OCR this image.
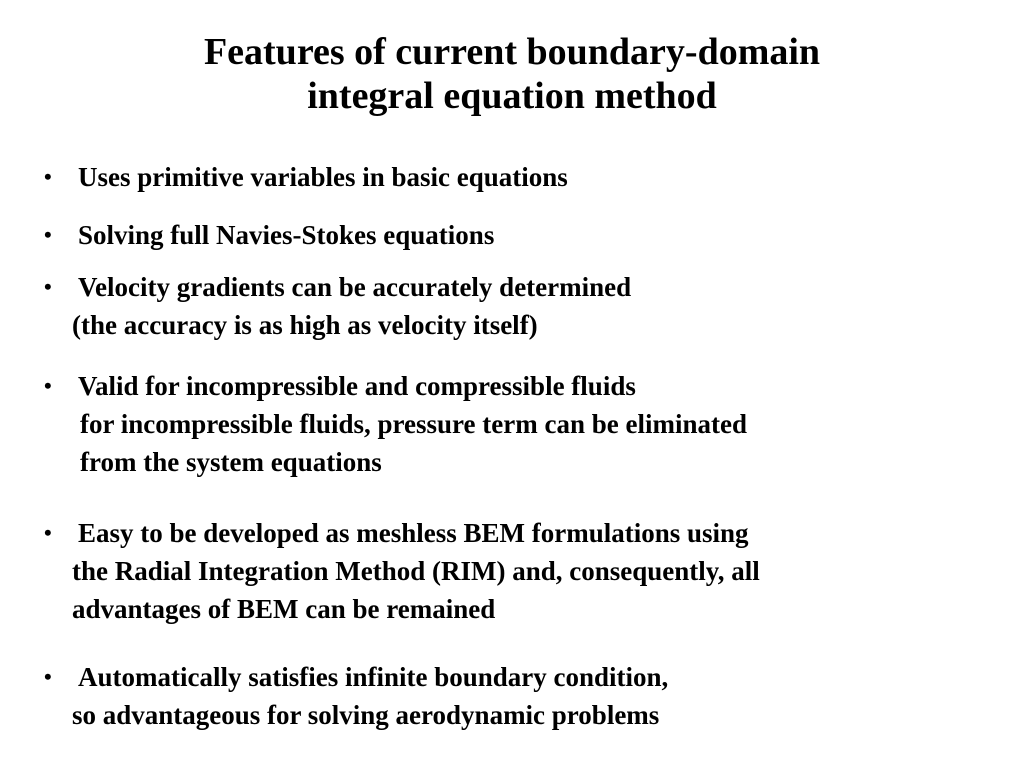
Features of current boundary-domain
integral equation method
• Uses primitive variables in basic equations
• Solving full Navies-Stokes equations
• Velocity gradients can be accurately determined
(the accuracy is as high as velocity itself)
• Valid for incompressible and compressible fluids
for incompressible fluids, pressure term can be eliminated
from the system equations
• Easy to be developed as meshless BEM formulations using
the Radial Integration Method (RIM) and, consequently, all
advantages of BEM can be remained
• Automatically satisfies infinite boundary condition,
so advantageous for solving aerodynamic problems
